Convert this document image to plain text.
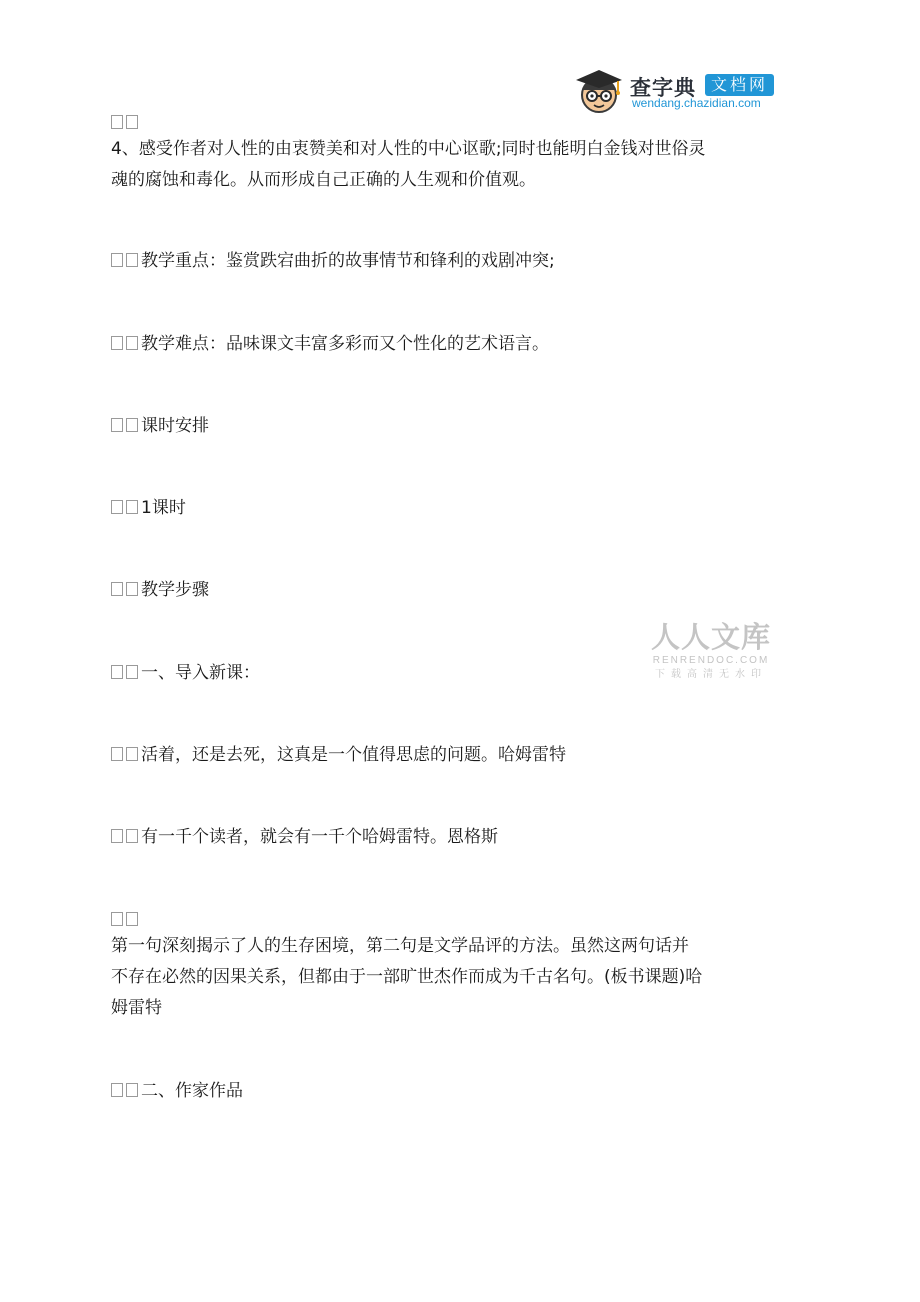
查字典 文档网
wendang.chazidian.com
人人文库
RENRENDOC.COM
下载高清无水印
4、感受作者对人性的由衷赞美和对人性的中心讴歌;同时也能明白金钱对世俗灵
魂的腐蚀和毒化。从而形成自己正确的人生观和价值观。
教学重点：鉴赏跌宕曲折的故事情节和锋利的戏剧冲突;
教学难点：品味课文丰富多彩而又个性化的艺术语言。
课时安排
1课时
教学步骤
一、导入新课：
活着，还是去死，这真是一个值得思虑的问题。哈姆雷特
有一千个读者，就会有一千个哈姆雷特。恩格斯
第一句深刻揭示了人的生存困境，第二句是文学品评的方法。虽然这两句话并
不存在必然的因果关系，但都由于一部旷世杰作而成为千古名句。(板书课题)哈
姆雷特
二、作家作品
